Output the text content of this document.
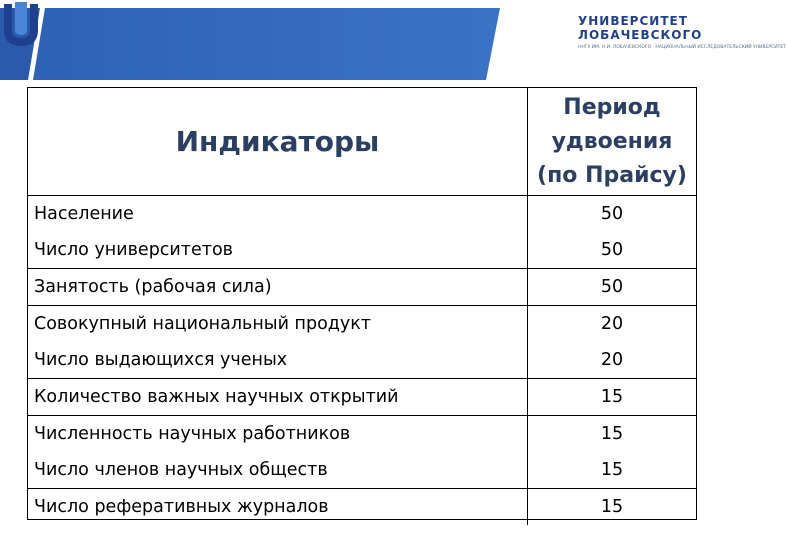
УНИВЕРСИТЕТ
ЛОБАЧЕВСКОГО
ННГУ ИМ. Н.И. ЛОБАЧЕВСКОГО · НАЦИОНАЛЬНЫЙ ИССЛЕДОВАТЕЛЬСКИЙ УНИВЕРСИТЕТ
Индикаторы	Период
удвоения
(по Прайсу)

Население	50
Число университетов	50
Занятость (рабочая сила)	50
Совокупный национальный продукт	20
Число выдающихся ученых	20
Количество важных научных открытий	15
Численность научных работников	15
Число членов научных обществ	15
Число реферативных журналов	15
